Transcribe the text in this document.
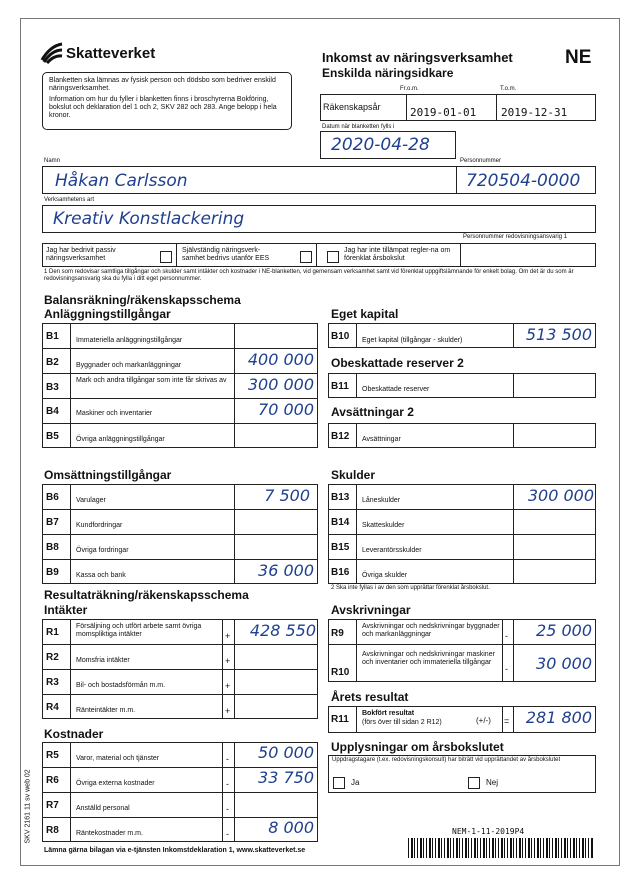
Skatteverket	Inkomst av näringsverksamhet
Enskilda näringsidkare
NE
Blanketten ska lämnas av fysisk person och dödsbo som bedriver enskild näringsverksamhet.
Information om hur du fyller i blanketten finns i broschyrerna Bokföring, bokslut och deklaration del 1 och 2, SKV 282 och 283. Ange belopp i hela kronor.
Räkenskapsår
Fr.o.m.	T.o.m.
2019-01-01 2019-12-31
Datum när blanketten fylls i
2020-04-28
Namn	Personnummer
Håkan Carlsson	720504-0000
Verksamhetens art
Kreativ Konstlackering
Personnummer redovisningsansvarig 1
Jag har bedrivit passiv näringsverksamhet
Självständig näringsverk-samhet bedrivs utanför EES
Jag har inte tillämpat regler-na om förenklat årsbokslut
1 Den som redovisar samtliga tillgångar och skulder samt intäkter och kostnader i NE-blanketten, vid gemensam verksamhet samt vid förenklat uppgiftslämnande för enkelt bolag. Om det är du som är redovisningsansvarig ska du fylla i ditt eget personnummer.
Balansräkning/räkenskapsschema
Anläggningstillgångar
B1 Immateriella anläggningstillgångar
B2 Byggnader och markanläggningar	400 000
B3
Mark och andra tillgångar som inte får skrivas av	300 000
B4 Maskiner och inventarier	70 000
B5 Övriga anläggningstillgångar
Eget kapital
B10 Eget kapital (tillgångar - skulder)	513 500
Obeskattade reserver 2
B11 Obeskattade reserver
Avsättningar 2
B12 Avsättningar
Omsättningstillgångar
B6 Varulager	7 500
B7 Kundfordringar
B8 Övriga fordringar
B9 Kassa och bank	36 000
Skulder
B13 Låneskulder	300 000
B14 Skatteskulder
B15 Leverantörsskulder
B16 Övriga skulder
2 Ska inte fyllas i av den som upprättar förenklat årsbokslut.
Resultaträkning/räkenskapsschema
Intäkter
R1
Försäljning och utfört arbete samt övriga momspliktiga intäkter	+	428 550
R2 Momsfria intäkter	+
R3 Bil- och bostadsförmån m.m.	+
R4 Ränteintäkter m.m.	+
Kostnader
R5 Varor, material och tjänster	-	50 000
R6 Övriga externa kostnader	-	33 750
R7 Anställd personal	-
R8 Räntekostnader m.m.	-	8 000
Avskrivningar
R9
Avskrivningar och nedskrivningar byggnader och markanläggningar	-	25 000
R10
Avskrivningar och nedskrivningar maskiner och inventarier och immateriella tillgångar
-	30 000
Årets resultat
R11
Bokfört resultat
(förs över till sidan 2 R12)	(+/-) =	281 800
Upplysningar om årsbokslutet
Uppdragstagare (t.ex. redovisningskonsult) har biträtt vid upprättandet av årsbokslutet
Ja	Nej
NEM-1-11-2019P4
Lämna gärna bilagan via e-tjänsten Inkomstdeklaration 1, www.skatteverket.se
SKV 2161 11 sv web 02
